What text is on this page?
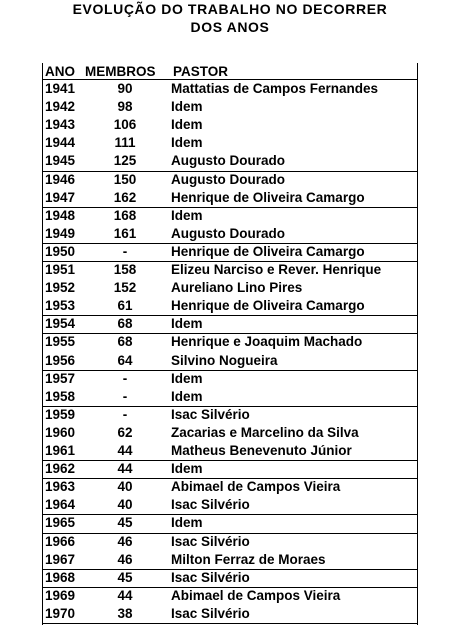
EVOLUÇÃO DO TRABALHO NO DECORRER
DOS ANOS
ANO MEMBROS PASTOR
1941	90	Mattatias de Campos Fernandes
1942	98	Idem
1943	106	Idem
1944	111	Idem
1945	125	Augusto Dourado
1946	150	Augusto Dourado
1947	162	Henrique de Oliveira Camargo
1948	168	Idem
1949	161	Augusto Dourado
1950	-	Henrique de Oliveira Camargo
1951	158	Elizeu Narciso e Rever. Henrique
1952	152	Aureliano Lino Pires
1953	61	Henrique de Oliveira Camargo
1954	68	Idem
1955	68	Henrique e Joaquim Machado
1956	64	Silvino Nogueira
1957	-	Idem
1958	-	Idem
1959	-	Isac Silvério
1960	62	Zacarias e Marcelino da Silva
1961	44	Matheus Benevenuto Júnior
1962	44	Idem
1963	40	Abimael de Campos Vieira
1964	40	Isac Silvério
1965	45	Idem
1966	46	Isac Silvério
1967	46	Milton Ferraz de Moraes
1968	45	Isac Silvério
1969	44	Abimael de Campos Vieira
1970	38	Isac Silvério
